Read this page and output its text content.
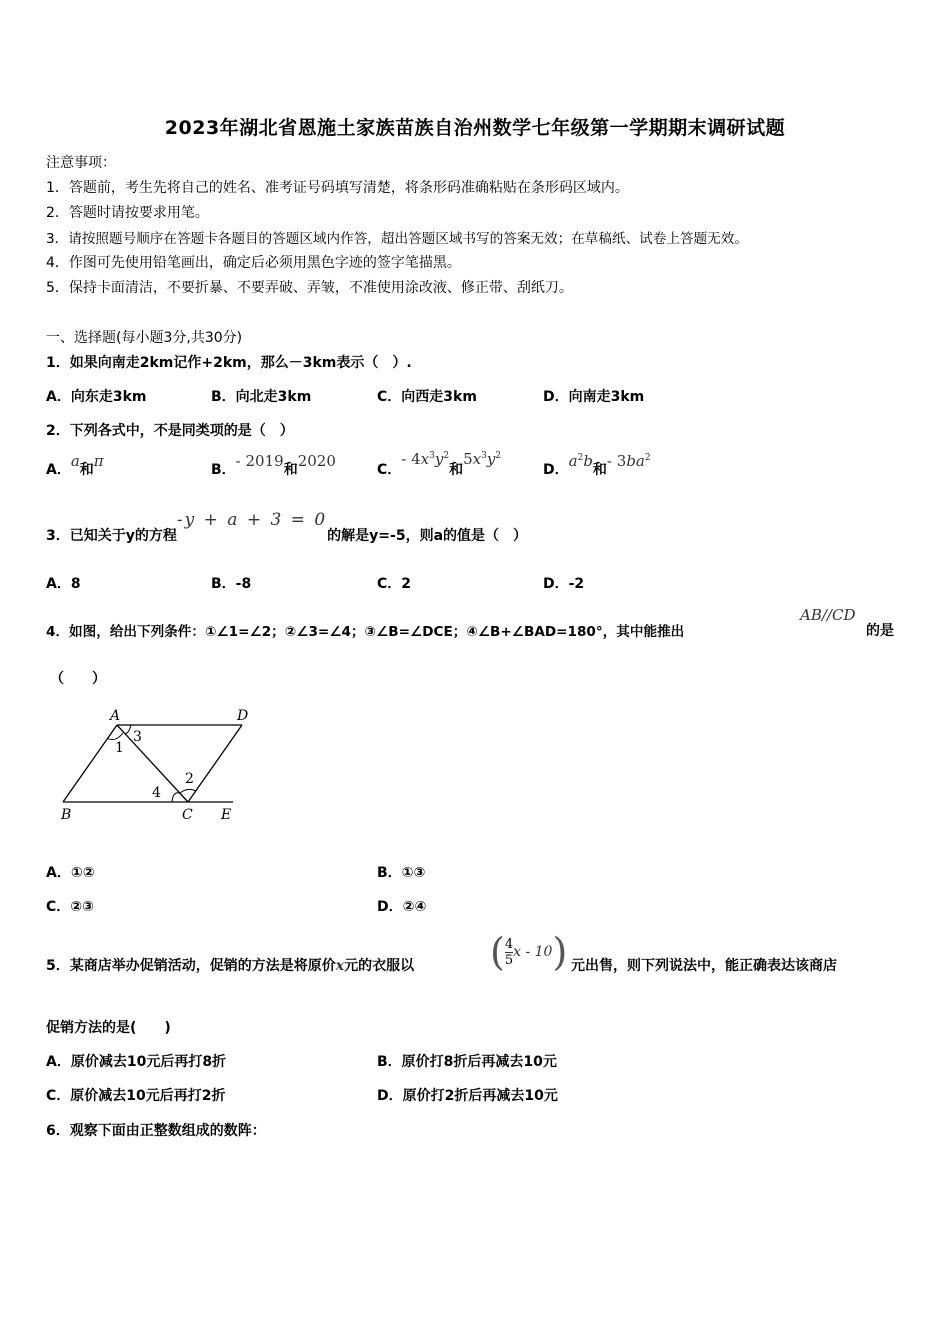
2023年湖北省恩施土家族苗族自治州数学七年级第一学期期末调研试题
注意事项：
1．答题前，考生先将自己的姓名、准考证号码填写清楚，将条形码准确粘贴在条形码区域内。
2．答题时请按要求用笔。
3．请按照题号顺序在答题卡各题目的答题区域内作答，超出答题区域书写的答案无效；在草稿纸、试卷上答题无效。
4．作图可先使用铅笔画出，确定后必须用黑色字迹的签字笔描黑。
5．保持卡面清洁，不要折暴、不要弄破、弄皱，不准使用涂改液、修正带、刮纸刀。
一、选择题(每小题3分,共30分)
1．如果向南走2km记作+2km，那么－3km表示（　）.
A．向东走3km	B．向北走3km	C．向西走3km	D．向南走3km
2．下列各式中，不是同类项的是（　）
A．a和π	B．- 2019和2020	C．- $4x^3y^2$和$5x^3y^2$
D．$a^2b$和- $3ba^2$
3．已知关于y的方程-y + a + 3 = 0的解是y=-5，则a的值是（　）
A．8	B．-8	C．2	D．-2
4．如图，给出下列条件：①∠1=∠2；②∠3=∠4；③∠B=∠DCE；④∠B+∠BAD=180°，其中能推出
AB//CD
的是
（　　）
A	D
B	C E
1
2
3
4
A．①②	B．①③
C．②③	D．②④
5．某商店举办促销活动，促销的方法是将原价x元的衣服以 ( $\frac{4}{5}$ x - 10) 元出售，则下列说法中，能正确表达该商店
促销方法的是(　　)
A．原价减去10元后再打8折	B．原价打8折后再减去10元
C．原价减去10元后再打2折	D．原价打2折后再减去10元
6．观察下面由正整数组成的数阵：
